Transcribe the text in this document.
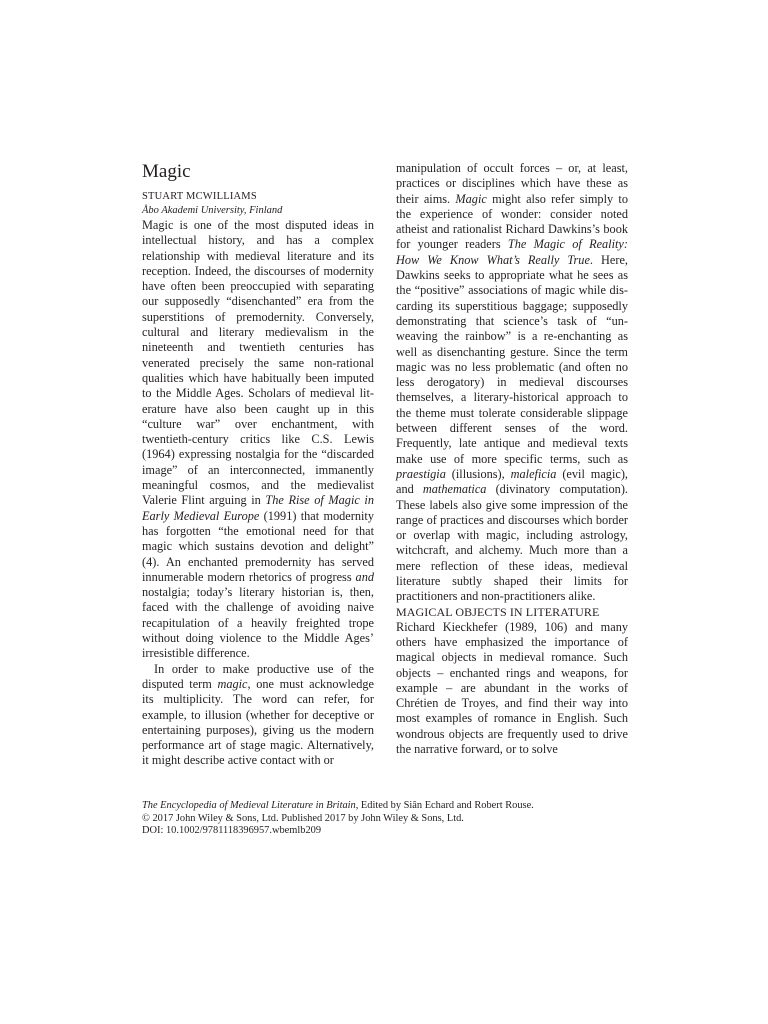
Magic

STUART MCWILLIAMS

Åbo Akademi University, Finland

Magic is one of the most disputed ideas in intellectual history, and has a complex relationship with medieval literature and its reception. Indeed, the discourses of modernity have often been preoccupied with separating our supposedly “disenchanted” era from the superstitions of premodernity. Conversely, cultural and literary medievalism in the nineteenth and twentieth centuries has venerated precisely the same non-rational qualities which have habitually been imputed to the Middle Ages. Scholars of medieval literature have also been caught up in this “culture war” over enchantment, with twentieth-century critics like C.S. Lewis (1964) expressing nostalgia for the “discarded image” of an interconnected, immanently meaningful cosmos, and the medievalist Valerie Flint arguing in The Rise of Magic in Early Medieval Europe (1991) that modernity has forgotten “the emotional need for that magic which sustains devotion and delight” (4). An enchanted premodernity has served innumerable modern rhetorics of progress and nostalgia; today’s literary historian is, then, faced with the challenge of avoiding naive recapitulation of a heavily freighted trope without doing violence to the Middle Ages’ irresistible difference.

In order to make productive use of the disputed term magic, one must acknowledge its multiplicity. The word can refer, for example, to illusion (whether for deceptive or entertaining purposes), giving us the modern performance art of stage magic. Alternatively, it might describe active contact with or

manipulation of occult forces – or, at least, practices or disciplines which have these as their aims. Magic might also refer simply to the experience of wonder: consider noted atheist and rationalist Richard Dawkins’s book for younger readers The Magic of Reality: How We Know What’s Really True. Here, Dawkins seeks to appropriate what he sees as the “positive” associations of magic while discarding its superstitious baggage; supposedly demonstrating that science’s task of “unweaving the rainbow” is a re-enchanting as well as disenchanting gesture. Since the term magic was no less problematic (and often no less derogatory) in medieval discourses themselves, a literary-historical approach to the theme must tolerate considerable slippage between different senses of the word. Frequently, late antique and medieval texts make use of more specific terms, such as praestigia (illusions), maleficia (evil magic), and mathematica (divinatory computation). These labels also give some impression of the range of practices and discourses which border or overlap with magic, including astrology, witchcraft, and alchemy. Much more than a mere reflection of these ideas, medieval literature subtly shaped their limits for practitioners and non-practitioners alike.

MAGICAL OBJECTS IN LITERATURE

Richard Kieckhefer (1989, 106) and many others have emphasized the importance of magical objects in medieval romance. Such objects – enchanted rings and weapons, for example – are abundant in the works of Chrétien de Troyes, and find their way into most examples of romance in English. Such wondrous objects are frequently used to drive the narrative forward, or to solve

The Encyclopedia of Medieval Literature in Britain, Edited by Siân Echard and Robert Rouse.
© 2017 John Wiley & Sons, Ltd. Published 2017 by John Wiley & Sons, Ltd.
DOI: 10.1002/9781118396957.wbemlb209
